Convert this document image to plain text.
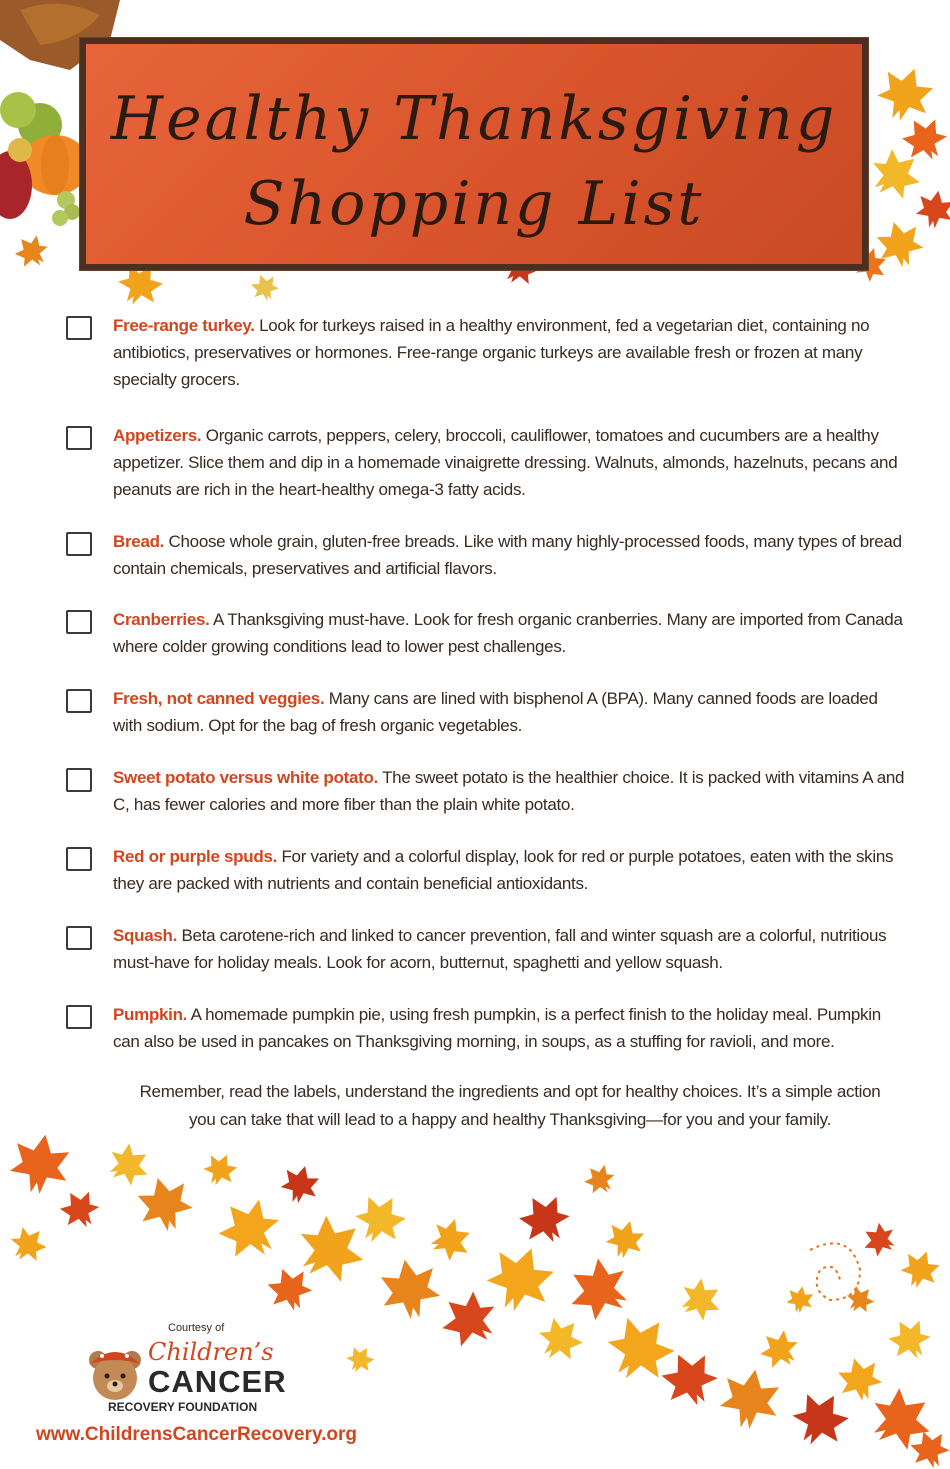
Healthy Thanksgiving
Shopping List
Free-range turkey. Look for turkeys raised in a healthy environment, fed a vegetarian diet, containing no antibiotics, preservatives or hormones. Free-range organic turkeys are available fresh or frozen at many specialty grocers.
Appetizers. Organic carrots, peppers, celery, broccoli, cauliflower, tomatoes and cucumbers are a healthy appetizer. Slice them and dip in a homemade vinaigrette dressing. Walnuts, almonds, hazelnuts, pecans and peanuts are rich in the heart-healthy omega-3 fatty acids.
Bread. Choose whole grain, gluten-free breads. Like with many highly-processed foods, many types of bread contain chemicals, preservatives and artificial flavors.
Cranberries. A Thanksgiving must-have. Look for fresh organic cranberries. Many are imported from Canada where colder growing conditions lead to lower pest challenges.
Fresh, not canned veggies. Many cans are lined with bisphenol A (BPA). Many canned foods are loaded with sodium. Opt for the bag of fresh organic vegetables.
Sweet potato versus white potato. The sweet potato is the healthier choice. It is packed with vitamins A and C, has fewer calories and more fiber than the plain white potato.
Red or purple spuds. For variety and a colorful display, look for red or purple potatoes, eaten with the skins they are packed with nutrients and contain beneficial antioxidants.
Squash. Beta carotene-rich and linked to cancer prevention, fall and winter squash are a colorful, nutritious must-have for holiday meals. Look for acorn, butternut, spaghetti and yellow squash.
Pumpkin. A homemade pumpkin pie, using fresh pumpkin, is a perfect finish to the holiday meal. Pumpkin can also be used in pancakes on Thanksgiving morning, in soups, as a stuffing for ravioli, and more.
Remember, read the labels, understand the ingredients and opt for healthy choices. It’s a simple action
you can take that will lead to a happy and healthy Thanksgiving—for you and your family.
Courtesy of
Children’s
CANCER
RECOVERY FOUNDATION
www.ChildrensCancerRecovery.org
